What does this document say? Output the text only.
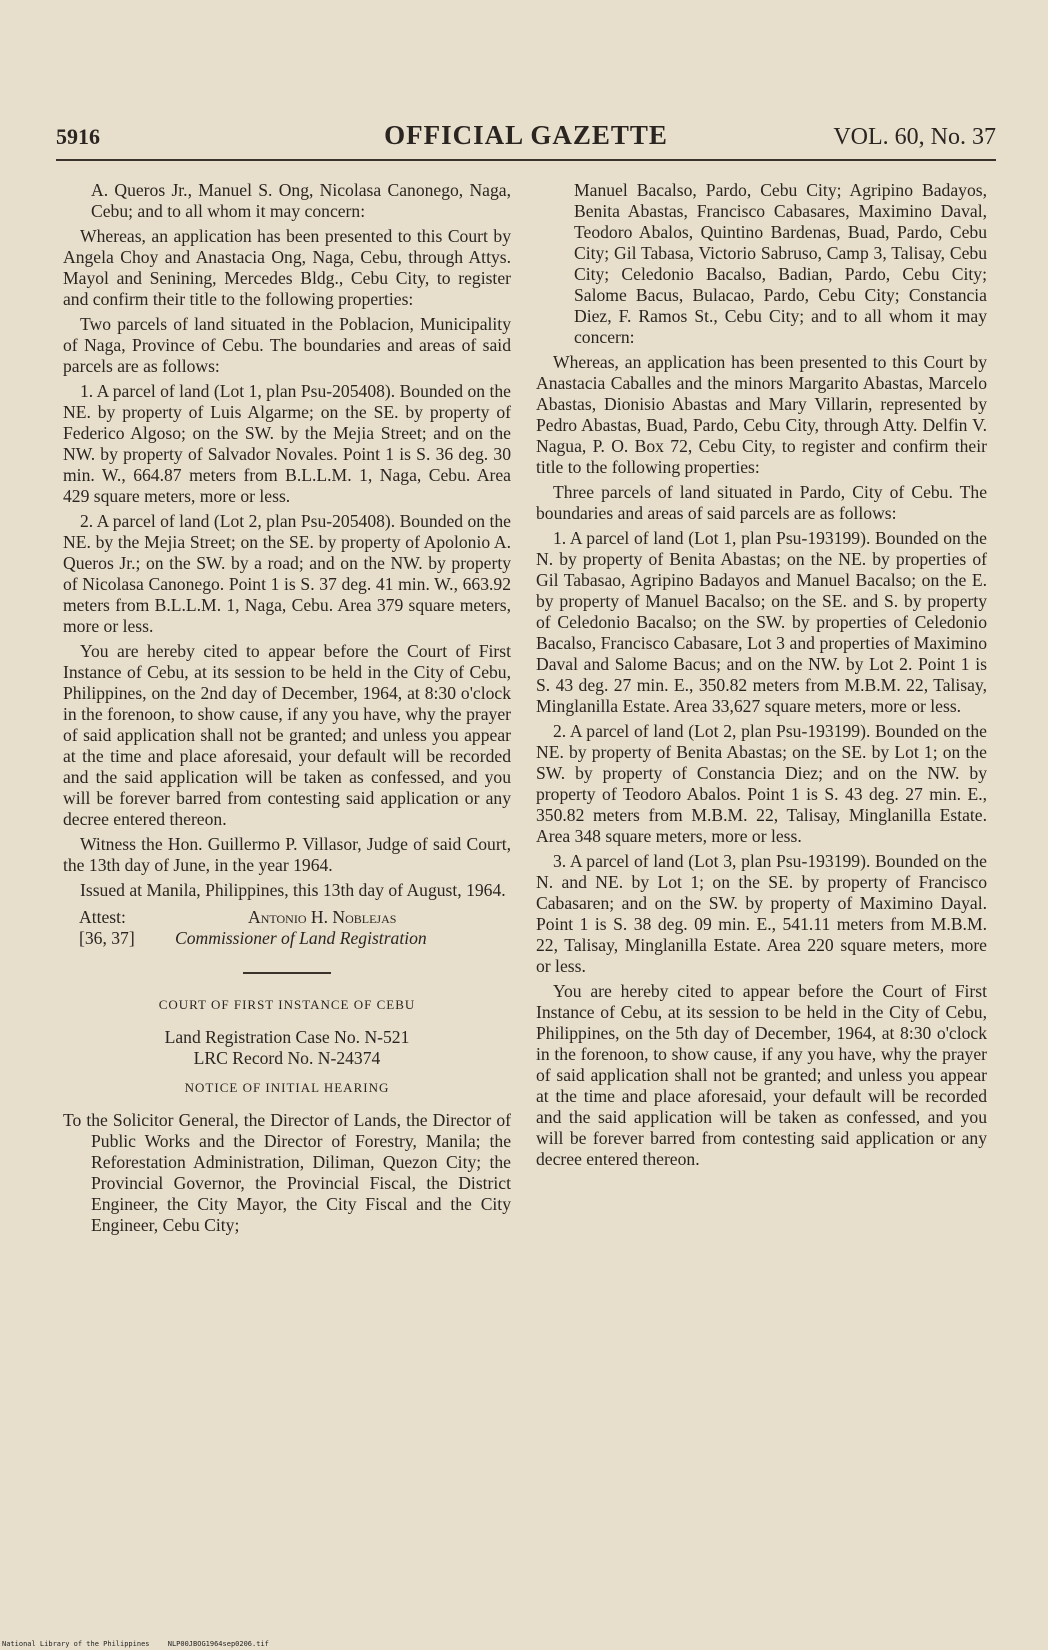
5916	OFFICIAL GAZETTE	VOL. 60, No. 37

A. Queros Jr., Manuel S. Ong, Nicolasa Canonego, Naga, Cebu; and to all whom it may concern:

Whereas, an application has been presented to this Court by Angela Choy and Anastacia Ong, Naga, Cebu, through Attys. Mayol and Senining, Mercedes Bldg., Cebu City, to register and confirm their title to the following properties:

Two parcels of land situated in the Poblacion, Municipality of Naga, Province of Cebu. The boundaries and areas of said parcels are as follows:

1. A parcel of land (Lot 1, plan Psu-205408). Bounded on the NE. by property of Luis Algarme; on the SE. by property of Federico Algoso; on the SW. by the Mejia Street; and on the NW. by property of Salvador Novales. Point 1 is S. 36 deg. 30 min. W., 664.87 meters from B.L.L.M. 1, Naga, Cebu. Area 429 square meters, more or less.

2. A parcel of land (Lot 2, plan Psu-205408). Bounded on the NE. by the Mejia Street; on the SE. by property of Apolonio A. Queros Jr.; on the SW. by a road; and on the NW. by property of Nicolasa Canonego. Point 1 is S. 37 deg. 41 min. W., 663.92 meters from B.L.L.M. 1, Naga, Cebu. Area 379 square meters, more or less.

You are hereby cited to appear before the Court of First Instance of Cebu, at its session to be held in the City of Cebu, Philippines, on the 2nd day of December, 1964, at 8:30 o'clock in the forenoon, to show cause, if any you have, why the prayer of said application shall not be granted; and unless you appear at the time and place aforesaid, your default will be recorded and the said application will be taken as confessed, and you will be forever barred from contesting said application or any decree entered thereon.

Witness the Hon. Guillermo P. Villasor, Judge of said Court, the 13th day of June, in the year 1964.

Issued at Manila, Philippines, this 13th day of August, 1964.

Attest:	Antonio H. Noblejas
[36, 37] Commissioner of Land Registration
COURT OF FIRST INSTANCE OF CEBU

Land Registration Case No. N-521

LRC Record No. N-24374

NOTICE OF INITIAL HEARING

To the Solicitor General, the Director of Lands, the Director of Public Works and the Director of Forestry, Manila; the Reforestation Administration, Diliman, Quezon City; the Provincial Governor, the Provincial Fiscal, the District Engineer, the City Mayor, the City Fiscal and the City Engineer, Cebu City;

Manuel Bacalso, Pardo, Cebu City; Agripino Badayos, Benita Abastas, Francisco Cabasares, Maximino Daval, Teodoro Abalos, Quintino Bardenas, Buad, Pardo, Cebu City; Gil Tabasa, Victorio Sabruso, Camp 3, Talisay, Cebu City; Celedonio Bacalso, Badian, Pardo, Cebu City; Salome Bacus, Bulacao, Pardo, Cebu City; Constancia Diez, F. Ramos St., Cebu City; and to all whom it may concern:

Whereas, an application has been presented to this Court by Anastacia Caballes and the minors Margarito Abastas, Marcelo Abastas, Dionisio Abastas and Mary Villarin, represented by Pedro Abastas, Buad, Pardo, Cebu City, through Atty. Delfin V. Nagua, P. O. Box 72, Cebu City, to register and confirm their title to the following properties:

Three parcels of land situated in Pardo, City of Cebu. The boundaries and areas of said parcels are as follows:

1. A parcel of land (Lot 1, plan Psu-193199). Bounded on the N. by property of Benita Abastas; on the NE. by properties of Gil Tabasao, Agripino Badayos and Manuel Bacalso; on the E. by property of Manuel Bacalso; on the SE. and S. by property of Celedonio Bacalso; on the SW. by properties of Celedonio Bacalso, Francisco Cabasare, Lot 3 and properties of Maximino Daval and Salome Bacus; and on the NW. by Lot 2. Point 1 is S. 43 deg. 27 min. E., 350.82 meters from M.B.M. 22, Talisay, Minglanilla Estate. Area 33,627 square meters, more or less.

2. A parcel of land (Lot 2, plan Psu-193199). Bounded on the NE. by property of Benita Abastas; on the SE. by Lot 1; on the SW. by property of Constancia Diez; and on the NW. by property of Teodoro Abalos. Point 1 is S. 43 deg. 27 min. E., 350.82 meters from M.B.M. 22, Talisay, Minglanilla Estate. Area 348 square meters, more or less.

3. A parcel of land (Lot 3, plan Psu-193199). Bounded on the N. and NE. by Lot 1; on the SE. by property of Francisco Cabasaren; and on the SW. by property of Maximino Dayal. Point 1 is S. 38 deg. 09 min. E., 541.11 meters from M.B.M. 22, Talisay, Minglanilla Estate. Area 220 square meters, more or less.

You are hereby cited to appear before the Court of First Instance of Cebu, at its session to be held in the City of Cebu, Philippines, on the 5th day of December, 1964, at 8:30 o'clock in the forenoon, to show cause, if any you have, why the prayer of said application shall not be granted; and unless you appear at the time and place aforesaid, your default will be recorded and the said application will be taken as confessed, and you will be forever barred from contesting said application or any decree entered thereon.

National Library of the Philippines	NLP00JBOG1964sep0206.tif
